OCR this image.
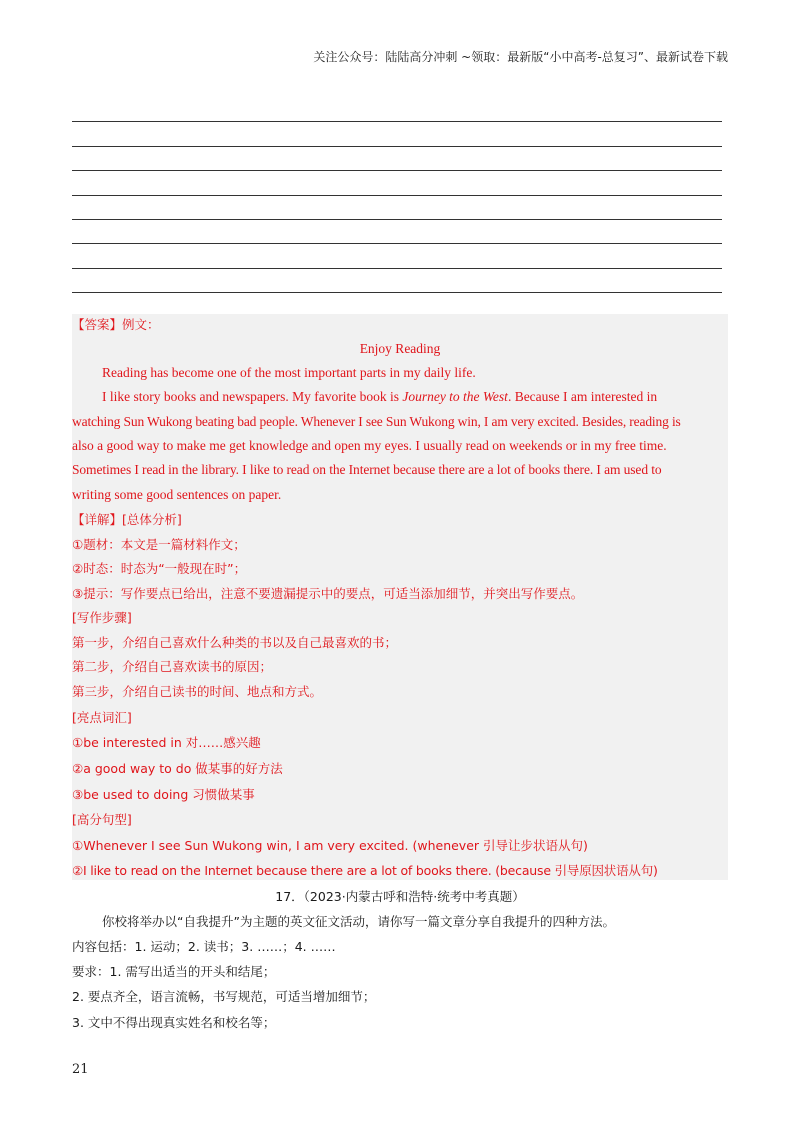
关注公众号：陆陆高分冲刺 ~领取：最新版“小中高考-总复习”、最新试卷下载
【答案】例文：
Enjoy Reading
Reading has become one of the most important parts in my daily life.
I like story books and newspapers. My favorite book is Journey to the West. Because I am interested in
watching Sun Wukong beating bad people. Whenever I see Sun Wukong win, I am very excited. Besides, reading is
also a good way to make me get knowledge and open my eyes. I usually read on weekends or in my free time.
Sometimes I read in the library. I like to read on the Internet because there are a lot of books there. I am used to
writing some good sentences on paper.
【详解】[总体分析]
①题材：本文是一篇材料作文；
②时态：时态为“一般现在时”；
③提示：写作要点已给出，注意不要遗漏提示中的要点，可适当添加细节，并突出写作要点。
[写作步骤]
第一步，介绍自己喜欢什么种类的书以及自己最喜欢的书；
第二步，介绍自己喜欢读书的原因；
第三步，介绍自己读书的时间、地点和方式。
[亮点词汇]
①be interested in 对……感兴趣
②a good way to do 做某事的好方法
③be used to doing 习惯做某事
[高分句型]
①Whenever I see Sun Wukong win, I am very excited. (whenever 引导让步状语从句)
②I like to read on the Internet because there are a lot of books there. (because 引导原因状语从句)
17．（2023·内蒙古呼和浩特·统考中考真题）
你校将举办以“自我提升”为主题的英文征文活动，请你写一篇文章分享自我提升的四种方法。
内容包括：1. 运动；2. 读书；3. ……；4. ……
要求：1. 需写出适当的开头和结尾；
2. 要点齐全，语言流畅，书写规范，可适当增加细节；
3. 文中不得出现真实姓名和校名等；
21
